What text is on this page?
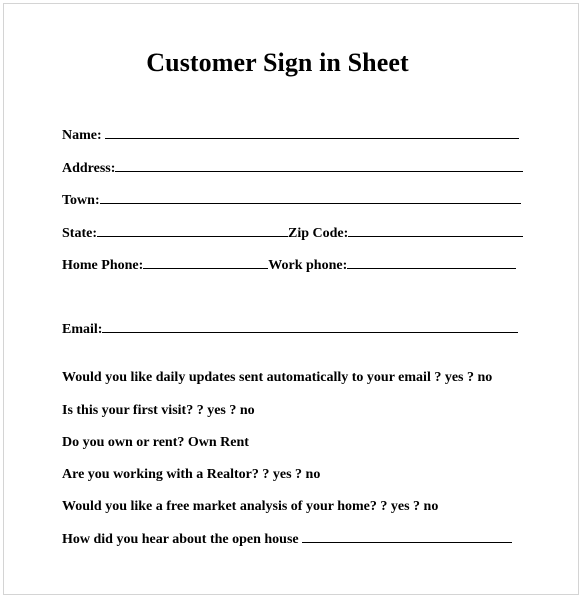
Customer Sign in Sheet
Name:
Address:
Town:
State:	Zip Code:
Home Phone:	Work phone:
Email:
Would you like daily updates sent automatically to your email ? yes ? no
Is this your first visit? ? yes ? no
Do you own or rent? Own Rent
Are you working with a Realtor? ? yes ? no
Would you like a free market analysis of your home? ? yes ? no
How did you hear about the open house
